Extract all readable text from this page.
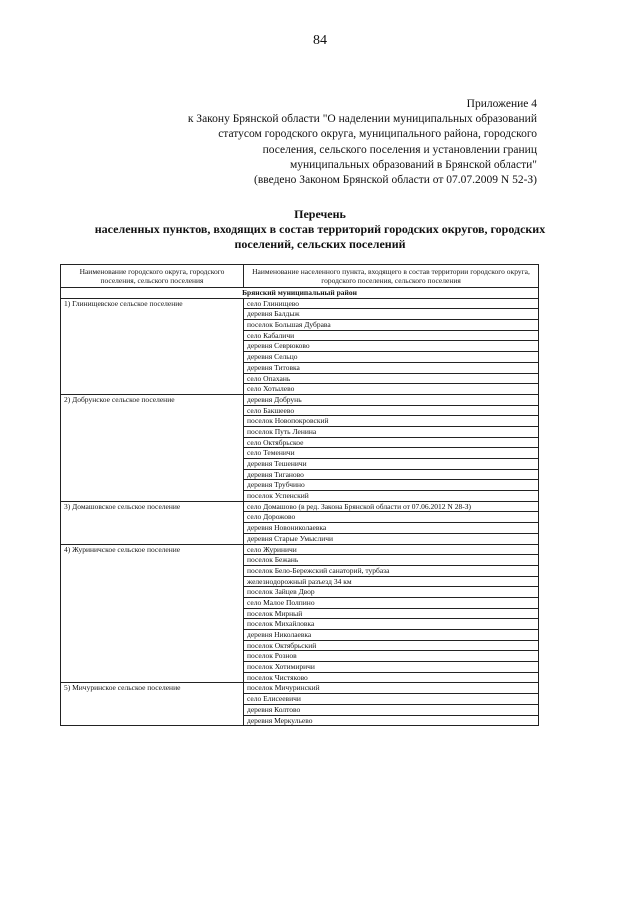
84
Приложение 4
к Закону Брянской области "О наделении муниципальных образований
статусом городского округа, муниципального района, городского
поселения, сельского поселения и установлении границ
муниципальных образований в Брянской области"
(введено Законом Брянской области от 07.07.2009 N 52-З)
Перечень
населенных пунктов, входящих в состав территорий городских округов, городских
поселений, сельских поселений
Наименование городского округа, городского поселения, сельского поселения	Наименование населенного пункта, входящего в состав территории городского округа, городского поселения, сельского поселения
Брянский муниципальный район	
1) Глинищевское сельское поселение	село Глинищево
	деревня Балдыж
	поселок Большая Дубрава
	село Кабаличи
	деревня Севрюково
	деревня Сельцо
	деревня Титовка
	село Опахань
	село Хотылево
2) Добрунское сельское поселение	деревня Добрунь
	село Бакшеево
	поселок Новопокровский
	поселок Путь Ленина
	село Октябрьское
	село Теменичи
	деревня Тешеничи
	деревня Тиганово
	деревня Трубчино
	поселок Успенский
3) Домашовское сельское поселение	село Домашово (в ред. Закона Брянской области от 07.06.2012 N 28-З)
	село Дорожово
	деревня Новониколаевка
	деревня Старые Умысличи
4) Журиничское сельское поселение	село Журиничи
	поселок Бежань
	поселок Бело-Бережский санаторий, турбаза
	железнодорожный разъезд 34 км
	поселок Зайцев Двор
	село Малое Полпино
	поселок Мирный
	поселок Михайловка
	деревня Николаевка
	поселок Октябрьский
	поселок Рознов
	поселок Хотимиричи
	поселок Чистяково
5) Мичуринское сельское поселение	поселок Мичуринский
	село Елисеевичи
	деревня Колтово
	деревня Меркульево
